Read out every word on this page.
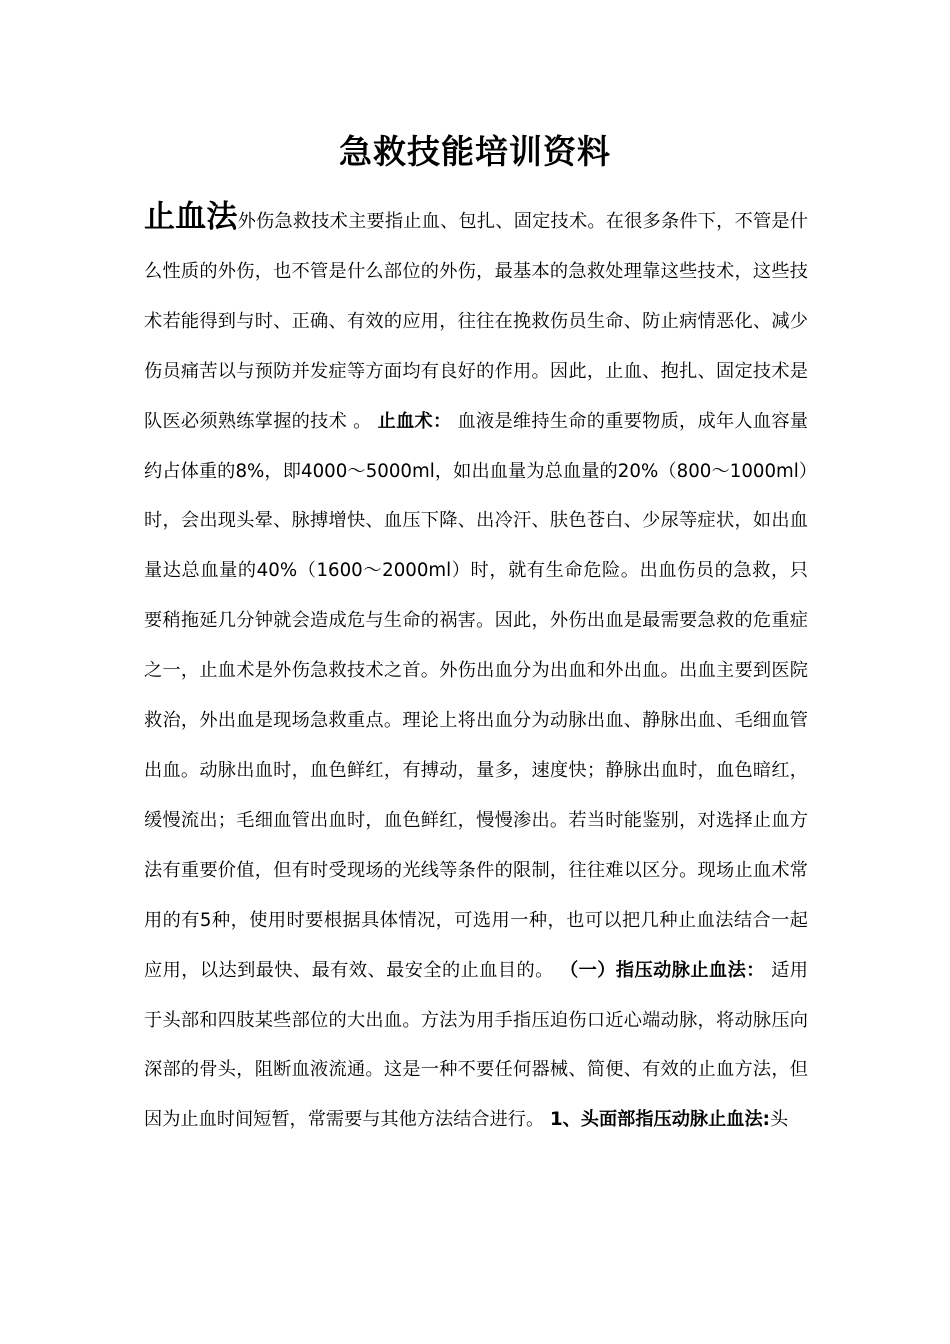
急救技能培训资料
止血法外伤急救技术主要指止血、包扎、固定技术。在很多条件下，不管是什么性质的外伤，也不管是什么部位的外伤，最基本的急救处理靠这些技术，这些技术若能得到与时、正确、有效的应用，往往在挽救伤员生命、防止病情恶化、减少伤员痛苦以与预防并发症等方面均有良好的作用。因此，止血、抱扎、固定技术是队医必须熟练掌握的技术 。 止血术： 血液是维持生命的重要物质，成年人血容量约占体重的8%，即4000～5000ml，如出血量为总血量的20%（800～1000ml）时，会出现头晕、脉搏增快、血压下降、出冷汗、肤色苍白、少尿等症状，如出血量达总血量的40%（1600～2000ml）时，就有生命危险。出血伤员的急救，只要稍拖延几分钟就会造成危与生命的祸害。因此，外伤出血是最需要急救的危重症之一，止血术是外伤急救技术之首。外伤出血分为出血和外出血。出血主要到医院救治，外出血是现场急救重点。理论上将出血分为动脉出血、静脉出血、毛细血管出血。动脉出血时，血色鲜红，有搏动，量多，速度快；静脉出血时，血色暗红，缓慢流出；毛细血管出血时，血色鲜红，慢慢渗出。若当时能鉴别，对选择止血方法有重要价值，但有时受现场的光线等条件的限制，往往难以区分。现场止血术常用的有5种，使用时要根据具体情况，可选用一种，也可以把几种止血法结合一起应用，以达到最快、最有效、最安全的止血目的。 （一）指压动脉止血法： 适用于头部和四肢某些部位的大出血。方法为用手指压迫伤口近心端动脉，将动脉压向深部的骨头，阻断血液流通。这是一种不要任何器械、简便、有效的止血方法，但因为止血时间短暂，常需要与其他方法结合进行。 1、头面部指压动脉止血法:头
